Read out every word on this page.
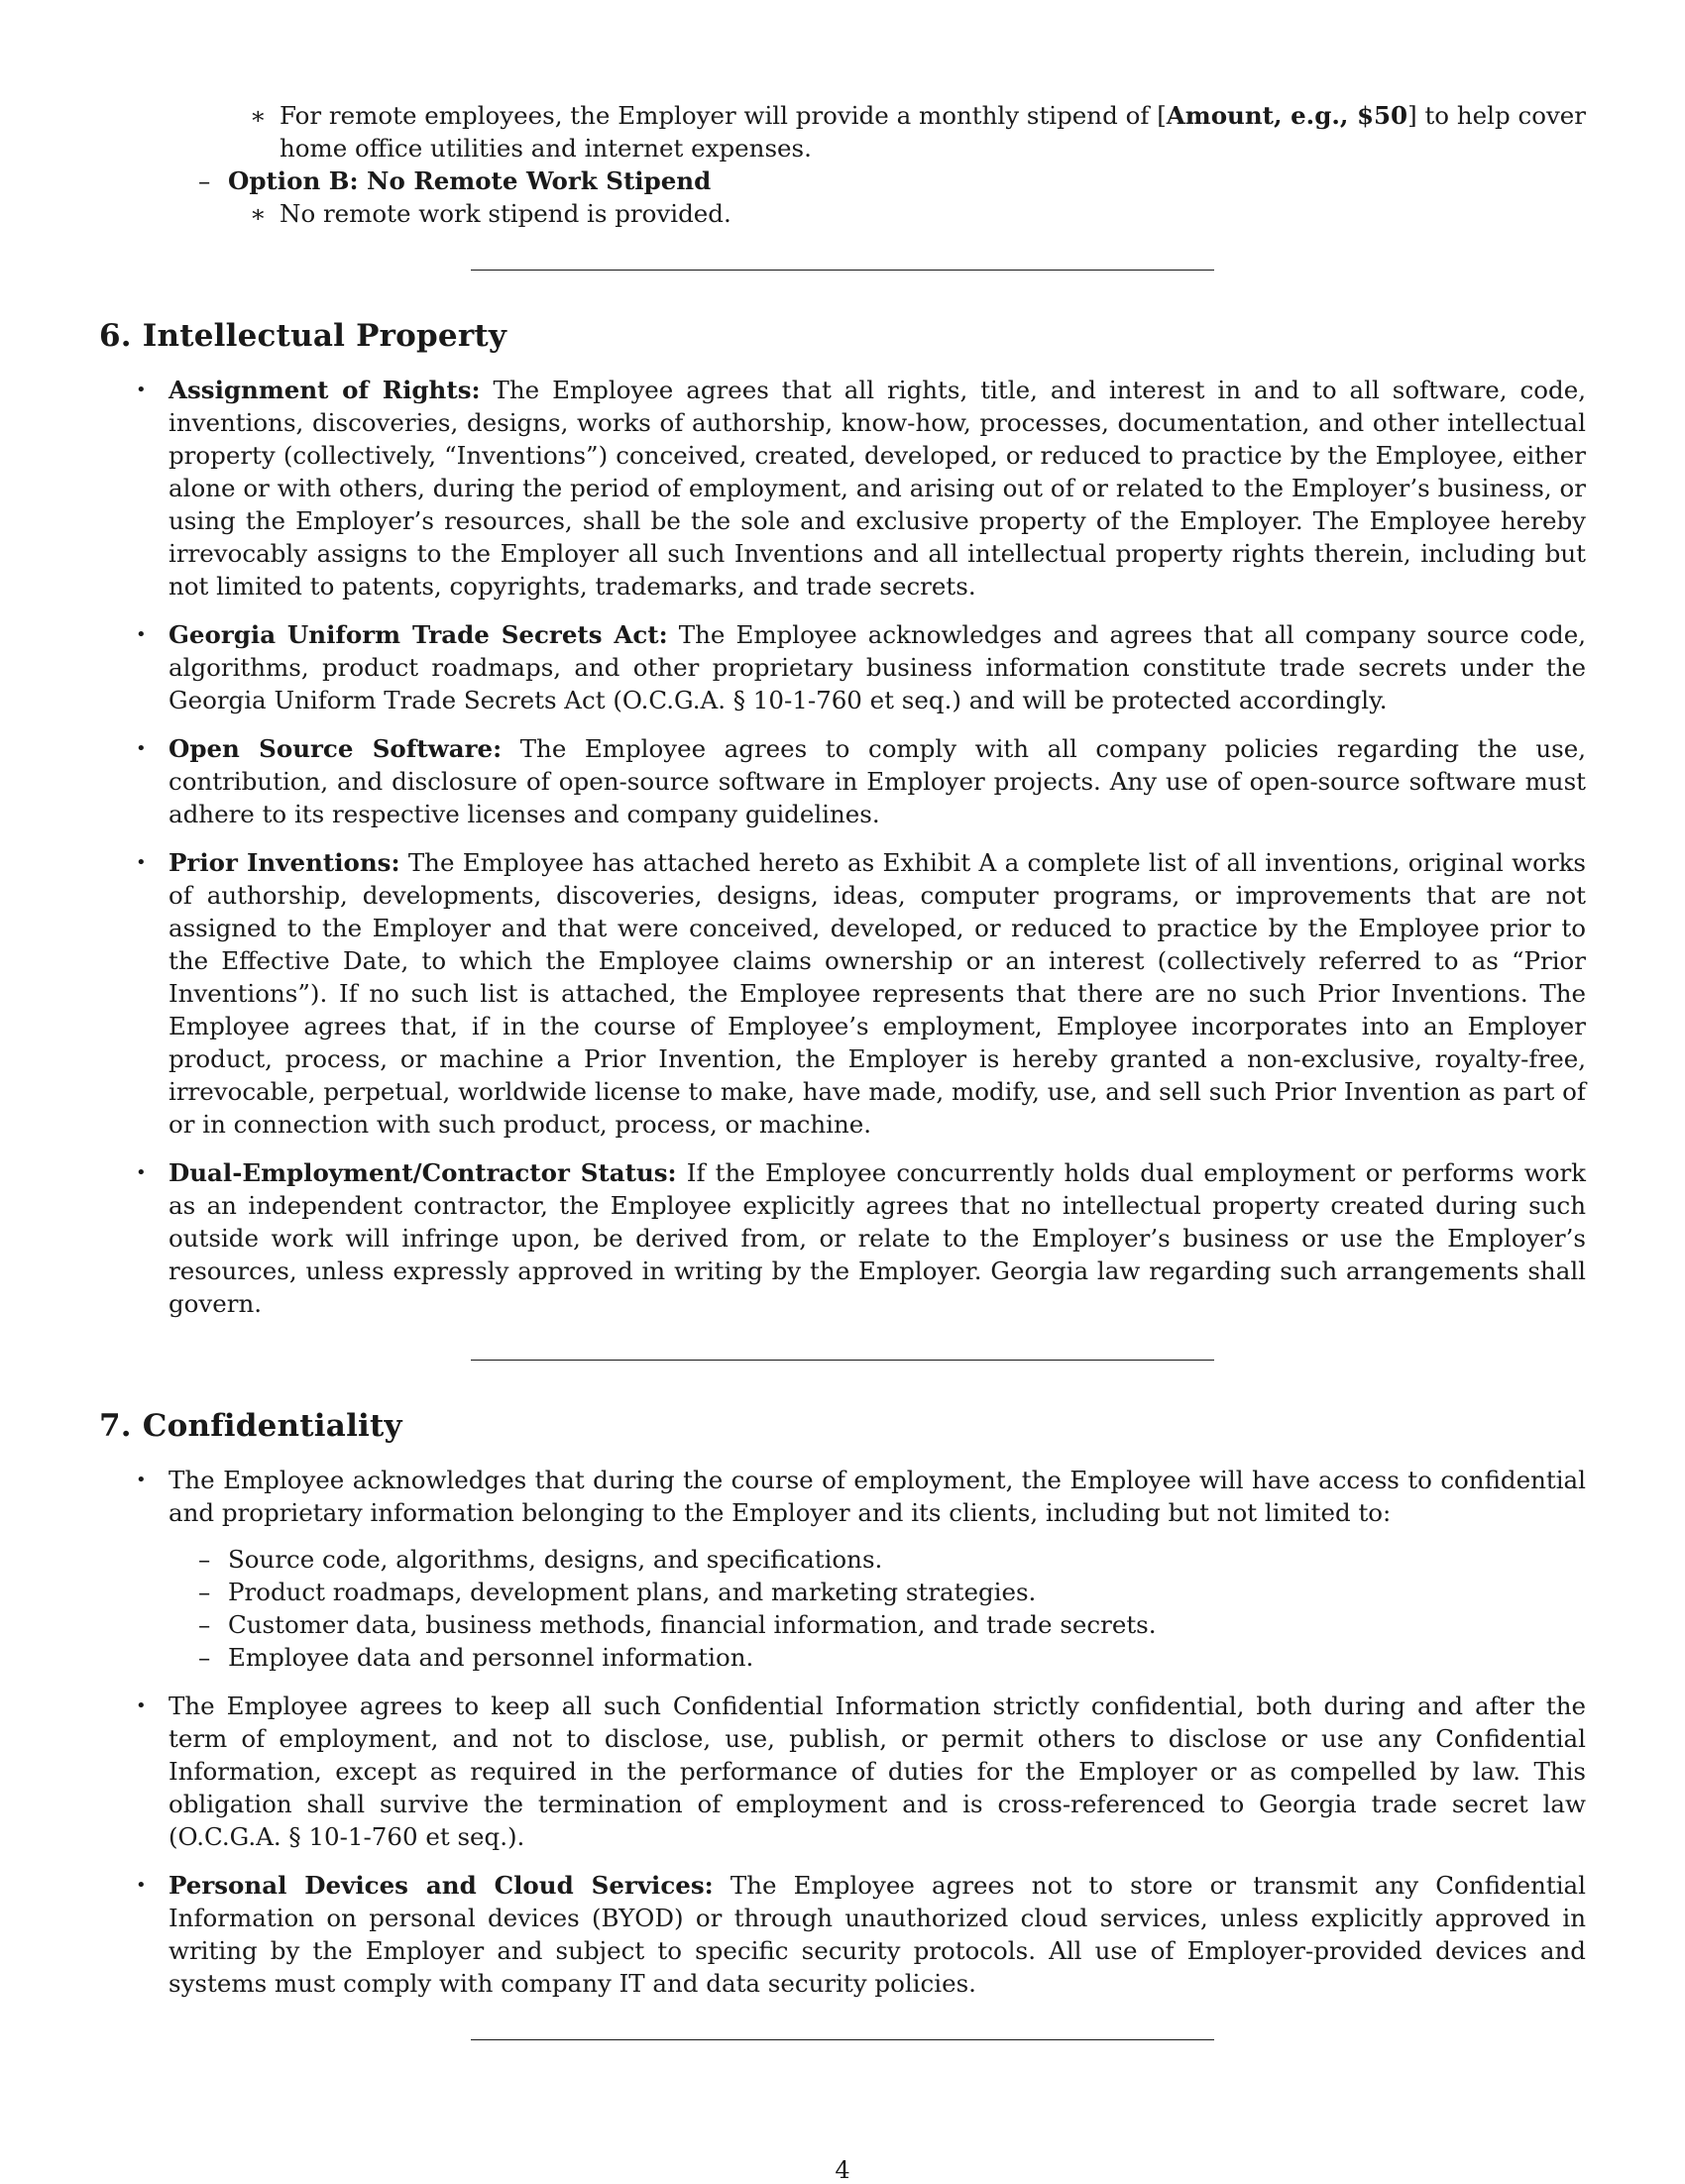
∗ For remote employees, the Employer will provide a monthly stipend of [Amount, e.g., $50] to help cover home office utilities and internet expenses.
– Option B: No Remote Work Stipend
∗ No remote work stipend is provided.
6. Intellectual Property
• Assignment of Rights: The Employee agrees that all rights, title, and interest in and to all software, code, inventions, discoveries, designs, works of authorship, know-how, processes, documentation, and other intellectual property (collectively, “Inventions”) conceived, created, developed, or reduced to practice by the Employee, either alone or with others, during the period of employment, and arising out of or related to the Employer’s business, or using the Employer’s resources, shall be the sole and exclusive property of the Employer. The Employee hereby irrevocably assigns to the Employer all such Inventions and all intellectual property rights therein, including but not limited to patents, copyrights, trademarks, and trade secrets.
• Georgia Uniform Trade Secrets Act: The Employee acknowledges and agrees that all company source code, algorithms, product roadmaps, and other proprietary business information constitute trade secrets under the Georgia Uniform Trade Secrets Act (O.C.G.A. § 10-1-760 et seq.) and will be protected accordingly.
• Open Source Software: The Employee agrees to comply with all company policies regarding the use, contribution, and disclosure of open-source software in Employer projects. Any use of open-source software must adhere to its respective licenses and company guidelines.
• Prior Inventions: The Employee has attached hereto as Exhibit A a complete list of all inventions, original works of authorship, developments, discoveries, designs, ideas, computer programs, or improvements that are not assigned to the Employer and that were conceived, developed, or reduced to practice by the Employee prior to the Effective Date, to which the Employee claims ownership or an interest (collectively referred to as “Prior Inventions”). If no such list is attached, the Employee represents that there are no such Prior Inventions. The Employee agrees that, if in the course of Employee’s employment, Employee incorporates into an Employer product, process, or machine a Prior Invention, the Employer is hereby granted a non-exclusive, royalty-free, irrevocable, perpetual, worldwide license to make, have made, modify, use, and sell such Prior Invention as part of or in connection with such product, process, or machine.
• Dual-Employment/Contractor Status: If the Employee concurrently holds dual employment or performs work as an independent contractor, the Employee explicitly agrees that no intellectual property created during such outside work will infringe upon, be derived from, or relate to the Employer’s business or use the Employer’s resources, unless expressly approved in writing by the Employer. Georgia law regarding such arrangements shall govern.
7. Confidentiality
• The Employee acknowledges that during the course of employment, the Employee will have access to confidential and proprietary information belonging to the Employer and its clients, including but not limited to:
– Source code, algorithms, designs, and specifications.
– Product roadmaps, development plans, and marketing strategies.
– Customer data, business methods, financial information, and trade secrets.
– Employee data and personnel information.
• The Employee agrees to keep all such Confidential Information strictly confidential, both during and after the term of employment, and not to disclose, use, publish, or permit others to disclose or use any Confidential Information, except as required in the performance of duties for the Employer or as compelled by law. This obligation shall survive the termination of employment and is cross-referenced to Georgia trade secret law (O.C.G.A. § 10-1-760 et seq.).
• Personal Devices and Cloud Services: The Employee agrees not to store or transmit any Confidential Information on personal devices (BYOD) or through unauthorized cloud services, unless explicitly approved in writing by the Employer and subject to specific security protocols. All use of Employer-provided devices and systems must comply with company IT and data security policies.
4
